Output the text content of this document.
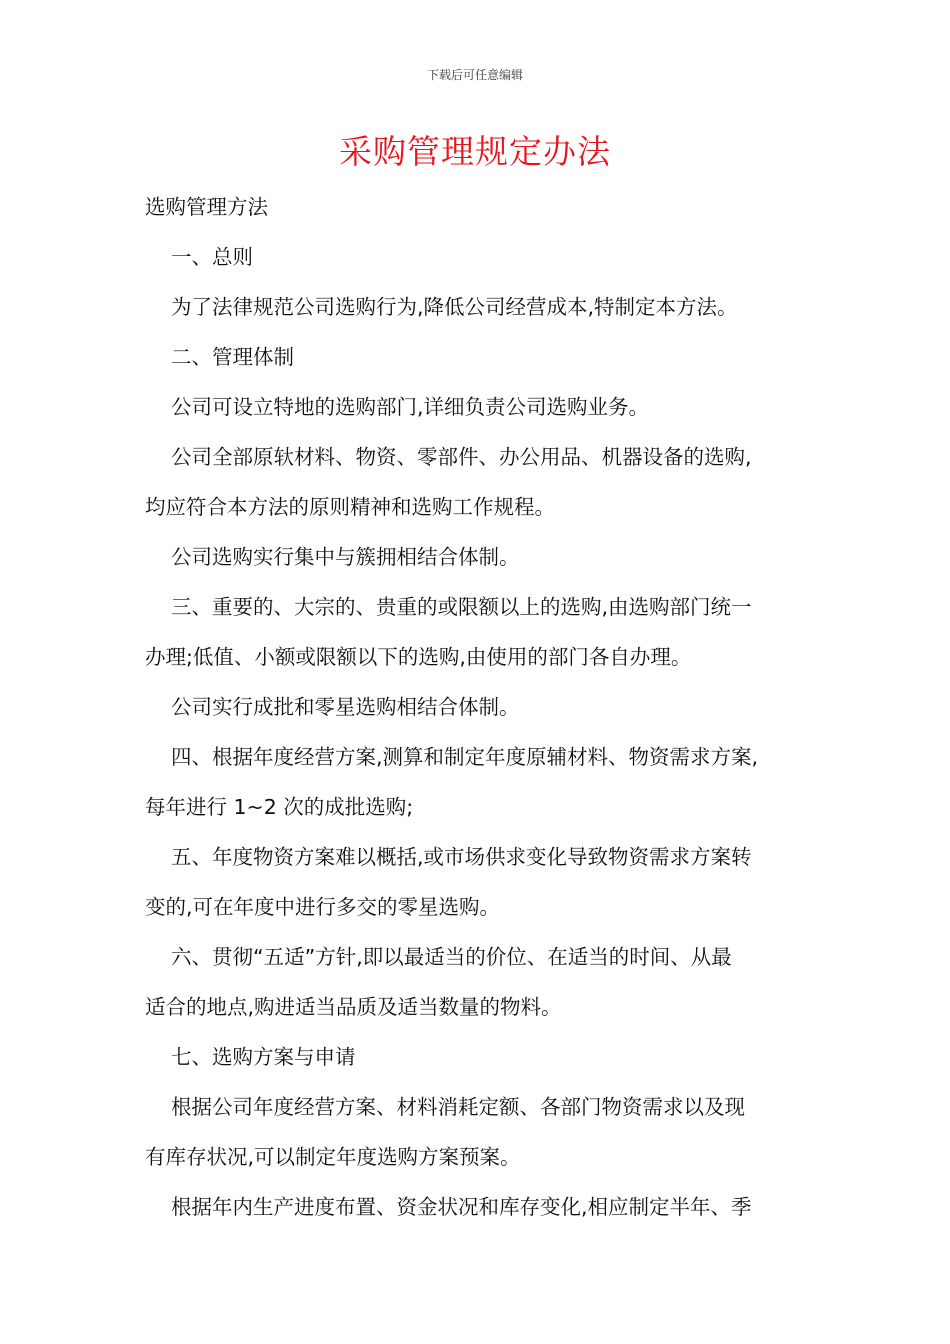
下载后可任意编辑
采购管理规定办法
选购管理方法
一、总则
为了法律规范公司选购行为,降低公司经营成本,特制定本方法。
二、管理体制
公司可设立特地的选购部门,详细负责公司选购业务。
公司全部原轪材料、物资、零部件、办公用品、机器设备的选购,
均应符合本方法的原则精神和选购工作规程。
公司选购实行集中与簇拥相结合体制。
三、重要的、大宗的、贵重的或限额以上的选购,由选购部门统一
办理;低值、小额或限额以下的选购,由使用的部门各自办理。
公司实行成批和零星选购相结合体制。
四、根据年度经营方案,测算和制定年度原辅材料、物资需求方案,
每年进行 1~2 次的成批选购;
五、年度物资方案难以概括,或市场供求变化导致物资需求方案转
变的,可在年度中进行多交的零星选购。
六、贯彻“五适”方针,即以最适当的价位、在适当的时间、从最
适合的地点,购进适当品质及适当数量的物料。
七、选购方案与申请
根据公司年度经营方案、材料消耗定额、各部门物资需求以及现
有库存状况,可以制定年度选购方案预案。
根据年内生产进度布置、资金状况和库存变化,相应制定半年、季
